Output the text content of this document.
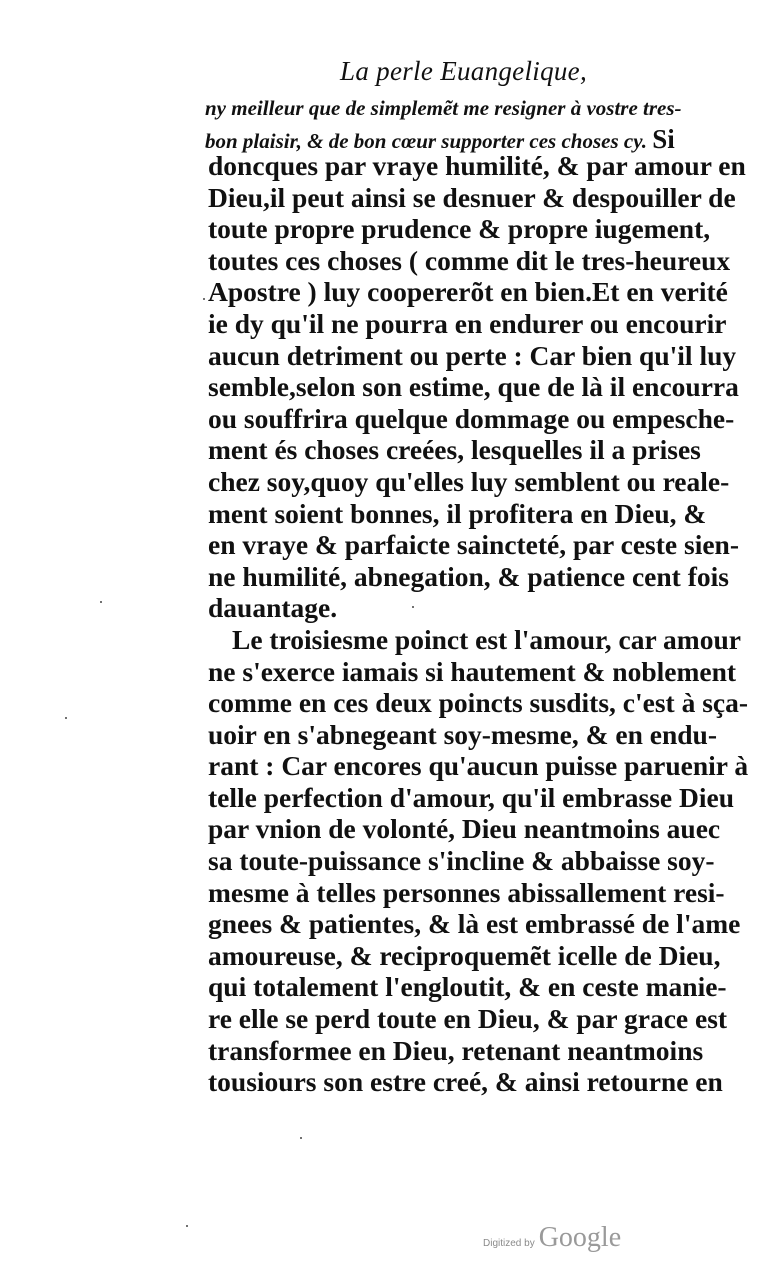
La perle Euangelique,
ny meilleur que de simplemẽt me resigner à vostre tres-
bon plaisir, & de bon cœur supporter ces choses cy. Si
doncques par vraye humilité, & par amour en
Dieu,il peut ainsi se desnuer & despouiller de
toute propre prudence & propre iugement,
toutes ces choses ( comme dit le tres-heureux
Apostre ) luy coopererõt en bien.Et en verité
ie dy qu'il ne pourra en endurer ou encourir
aucun detriment ou perte : Car bien qu'il luy
semble,selon son estime, que de là il encourra
ou souffrira quelque dommage ou empesche-
ment és choses creées, lesquelles il a prises
chez soy,quoy qu'elles luy semblent ou reale-
ment soient bonnes, il profitera en Dieu, &
en vraye & parfaicte saincteté, par ceste sien-
ne humilité, abnegation, & patience cent fois
dauantage.
Le troisiesme poinct est l'amour, car amour
ne s'exerce iamais si hautement & noblement
comme en ces deux poincts susdits, c'est à sça-
uoir en s'abnegeant soy-mesme, & en endu-
rant : Car encores qu'aucun puisse paruenir à
telle perfection d'amour, qu'il embrasse Dieu
par vnion de volonté, Dieu neantmoins auec
sa toute-puissance s'incline & abbaisse soy-
mesme à telles personnes abissallement resi-
gnees & patientes, & là est embrassé de l'ame
amoureuse, & reciproquemẽt icelle de Dieu,
qui totalement l'engloutit, & en ceste manie-
re elle se perd toute en Dieu, & par grace est
transformee en Dieu, retenant neantmoins
tousiours son estre creé, & ainsi retourne en
Digitized by Google
